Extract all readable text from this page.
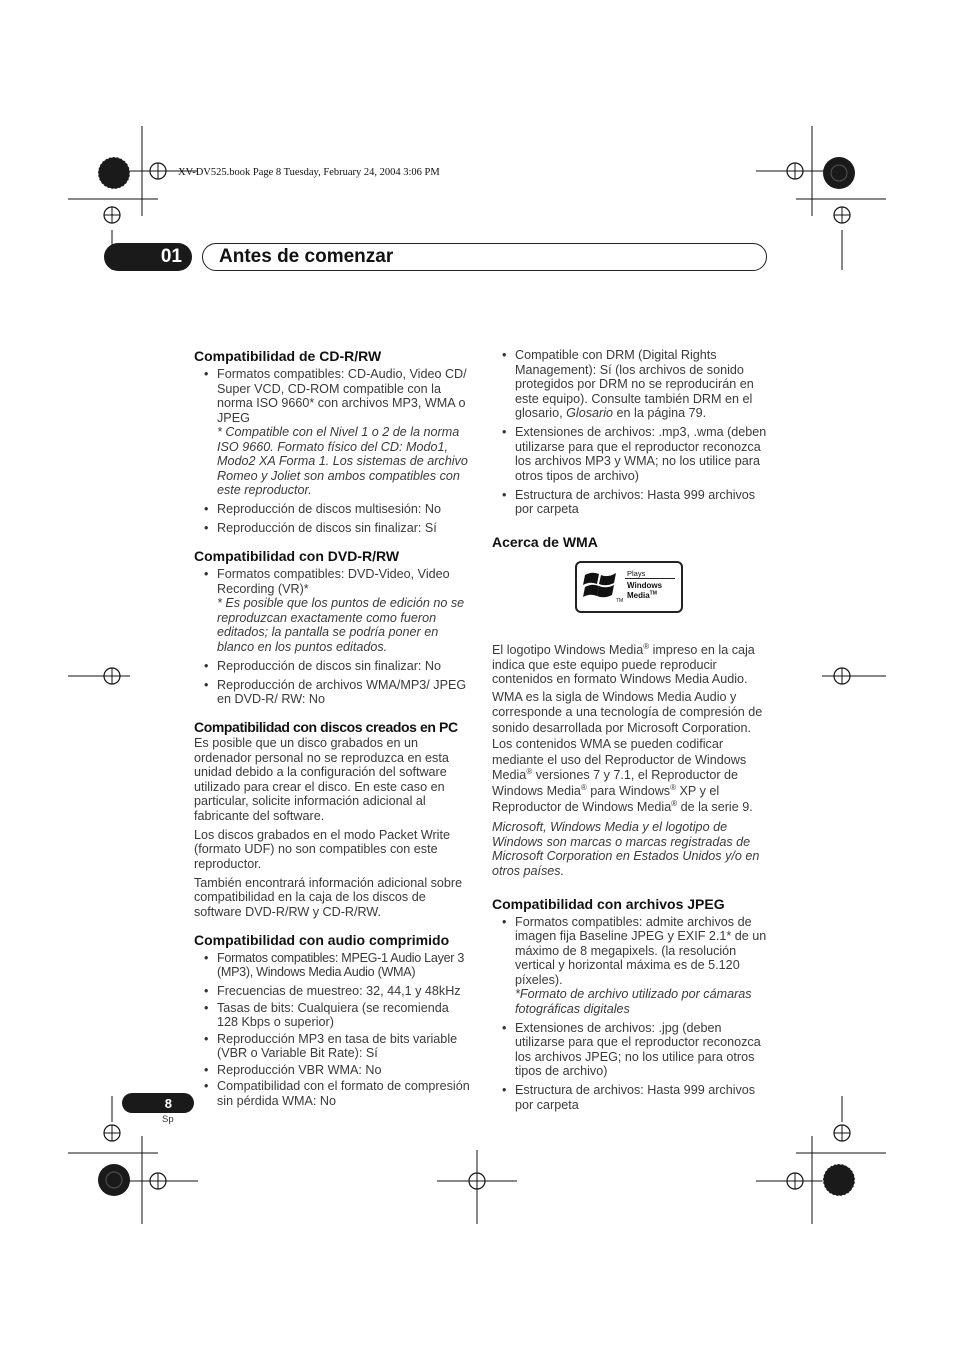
XV-DV525.book Page 8 Tuesday, February 24, 2004 3:06 PM
01	Antes de comenzar
Compatibilidad de CD-R/RW
• Formatos compatibles: CD-Audio, Video CD/ Super VCD, CD-ROM compatible con la norma ISO 9660* con archivos MP3, WMA o JPEG
* Compatible con el Nivel 1 o 2 de la norma ISO 9660. Formato físico del CD: Modo1, Modo2 XA Forma 1. Los sistemas de archivo Romeo y Joliet son ambos compatibles con este reproductor.
• Reproducción de discos multisesión: No
• Reproducción de discos sin finalizar: Sí
Compatibilidad con DVD-R/RW
• Formatos compatibles: DVD-Video, Video Recording (VR)*
* Es posible que los puntos de edición no se reproduzcan exactamente como fueron editados; la pantalla se podría poner en blanco en los puntos editados.
• Reproducción de discos sin finalizar: No
• Reproducción de archivos WMA/MP3/ JPEG en DVD-R/ RW: No
Compatibilidad con discos creados en PC

Es posible que un disco grabados en un ordenador personal no se reproduzca en esta unidad debido a la configuración del software utilizado para crear el disco. En este caso en particular, solicite información adicional al fabricante del software.

Los discos grabados en el modo Packet Write (formato UDF) no son compatibles con este reproductor.

También encontrará información adicional sobre compatibilidad en la caja de los discos de software DVD-R/RW y CD-R/RW.

Compatibilidad con audio comprimido
• Formatos compatibles: MPEG-1 Audio Layer 3 (MP3), Windows Media Audio (WMA)
• Frecuencias de muestreo: 32, 44,1 y 48kHz
• Tasas de bits: Cualquiera (se recomienda 128 Kbps o superior)
• Reproducción MP3 en tasa de bits variable (VBR o Variable Bit Rate): Sí
• Reproducción VBR WMA: No
• Compatibilidad con el formato de compresión sin pérdida WMA: No
• Compatible con DRM (Digital Rights Management): Sí (los archivos de sonido protegidos por DRM no se reproducirán en este equipo). Consulte también DRM en el glosario, Glosario en la página 79.
• Extensiones de archivos: .mp3, .wma (deben utilizarse para que el reproductor reconozca los archivos MP3 y WMA; no los utilice para otros tipos de archivo)
• Estructura de archivos: Hasta 999 archivos por carpeta
Acerca de WMA
TM
Plays
Windows
Media™

El logotipo Windows Media® impreso en la caja indica que este equipo puede reproducir contenidos en formato Windows Media Audio.

WMA es la sigla de Windows Media Audio y corresponde a una tecnología de compresión de sonido desarrollada por Microsoft Corporation. Los contenidos WMA se pueden codificar mediante el uso del Reproductor de Windows Media® versiones 7 y 7.1, el Reproductor de Windows Media® para Windows® XP y el Reproductor de Windows Media® de la serie 9.

Microsoft, Windows Media y el logotipo de Windows son marcas o marcas registradas de Microsoft Corporation en Estados Unidos y/o en otros países.

Compatibilidad con archivos JPEG
• Formatos compatibles: admite archivos de imagen fija Baseline JPEG y EXIF 2.1* de un máximo de 8 megapixels. (la resolución vertical y horizontal máxima es de 5.120 píxeles).
*Formato de archivo utilizado por cámaras fotográficas digitales
• Extensiones de archivos: .jpg (deben utilizarse para que el reproductor reconozca los archivos JPEG; no los utilice para otros tipos de archivo)
• Estructura de archivos: Hasta 999 archivos por carpeta
8
Sp
